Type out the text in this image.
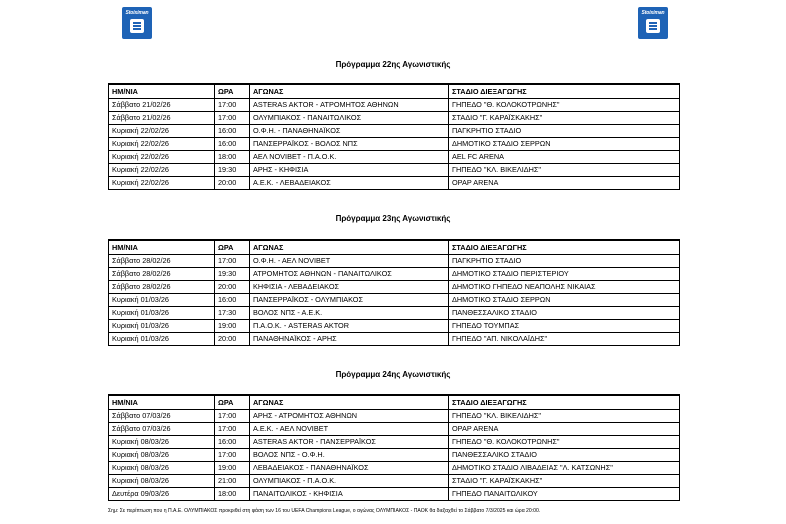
Stoiximan	Stoiximan
Πρόγραμμα 22ης Αγωνιστικής
ΗΜ/ΝΙΑ	ΩΡΑ	ΑΓΩΝΑΣ	ΣΤΑΔΙΟ ΔΙΕΞΑΓΩΓΗΣ
Σάββατο 21/02/26	17:00	ASTERAS AKTOR - ΑΤΡΟΜΗΤΟΣ ΑΘΗΝΩΝ	ΓΗΠΕΔΟ "Θ. ΚΟΛΟΚΟΤΡΩΝΗΣ"
Σάββατο 21/02/26	17:00	ΟΛΥΜΠΙΑΚΟΣ - ΠΑΝΑΙΤΩΛΙΚΟΣ	ΣΤΑΔΙΟ "Γ. ΚΑΡΑΪΣΚΑΚΗΣ"
Κυριακή 22/02/26	16:00	Ο.Φ.Η. - ΠΑΝΑΘΗΝΑΪΚΟΣ	ΠΑΓΚΡΗΤΙΟ ΣΤΑΔΙΟ
Κυριακή 22/02/26	16:00	ΠΑΝΣΕΡΡΑΪΚΟΣ - ΒΟΛΟΣ ΝΠΣ	ΔΗΜΟΤΙΚΟ ΣΤΑΔΙΟ ΣΕΡΡΩΝ
Κυριακή 22/02/26	18:00	ΑΕΛ NOVIBET - Π.Α.Ο.Κ.	AEL FC ARENA
Κυριακή 22/02/26	19:30	ΑΡΗΣ - ΚΗΦΙΣΙΑ	ΓΗΠΕΔΟ "ΚΛ. ΒΙΚΕΛΙΔΗΣ"
Κυριακή 22/02/26	20:00	Α.Ε.Κ. - ΛΕΒΑΔΕΙΑΚΟΣ	OPAP ARENA
Πρόγραμμα 23ης Αγωνιστικής
ΗΜ/ΝΙΑ	ΩΡΑ	ΑΓΩΝΑΣ	ΣΤΑΔΙΟ ΔΙΕΞΑΓΩΓΗΣ
Σάββατο 28/02/26	17:00	Ο.Φ.Η. - ΑΕΛ NOVIBET	ΠΑΓΚΡΗΤΙΟ ΣΤΑΔΙΟ
Σάββατο 28/02/26	19:30	ΑΤΡΟΜΗΤΟΣ ΑΘΗΝΩΝ - ΠΑΝΑΙΤΩΛΙΚΟΣ	ΔΗΜΟΤΙΚΟ ΣΤΑΔΙΟ ΠΕΡΙΣΤΕΡΙΟΥ
Σάββατο 28/02/26	20:00	ΚΗΦΙΣΙΑ - ΛΕΒΑΔΕΙΑΚΟΣ	ΔΗΜΟΤΙΚΟ ΓΗΠΕΔΟ ΝΕΑΠΟΛΗΣ ΝΙΚΑΙΑΣ
Κυριακή 01/03/26	16:00	ΠΑΝΣΕΡΡΑΪΚΟΣ - ΟΛΥΜΠΙΑΚΟΣ	ΔΗΜΟΤΙΚΟ ΣΤΑΔΙΟ ΣΕΡΡΩΝ
Κυριακή 01/03/26	17:30	ΒΟΛΟΣ ΝΠΣ - Α.Ε.Κ.	ΠΑΝΘΕΣΣΑΛΙΚΟ ΣΤΑΔΙΟ
Κυριακή 01/03/26	19:00	Π.Α.Ο.Κ. - ASTERAS AKTOR	ΓΗΠΕΔΟ ΤΟΥΜΠΑΣ
Κυριακή 01/03/26	20:00	ΠΑΝΑΘΗΝΑΪΚΟΣ - ΑΡΗΣ	ΓΗΠΕΔΟ "ΑΠ. ΝΙΚΟΛΑΪΔΗΣ"
Πρόγραμμα 24ης Αγωνιστικής
ΗΜ/ΝΙΑ	ΩΡΑ	ΑΓΩΝΑΣ	ΣΤΑΔΙΟ ΔΙΕΞΑΓΩΓΗΣ
Σάββατο 07/03/26	17:00	ΑΡΗΣ - ΑΤΡΟΜΗΤΟΣ ΑΘΗΝΩΝ	ΓΗΠΕΔΟ "ΚΛ. ΒΙΚΕΛΙΔΗΣ"
Σάββατο 07/03/26	17:00	Α.Ε.Κ. - ΑΕΛ NOVIBET	OPAP ARENA
Κυριακή 08/03/26	16:00	ASTERAS AKTOR - ΠΑΝΣΕΡΡΑΪΚΟΣ	ΓΗΠΕΔΟ "Θ. ΚΟΛΟΚΟΤΡΩΝΗΣ"
Κυριακή 08/03/26	17:00	ΒΟΛΟΣ ΝΠΣ - Ο.Φ.Η.	ΠΑΝΘΕΣΣΑΛΙΚΟ ΣΤΑΔΙΟ
Κυριακή 08/03/26	19:00	ΛΕΒΑΔΕΙΑΚΟΣ - ΠΑΝΑΘΗΝΑΪΚΟΣ	ΔΗΜΟΤΙΚΟ ΣΤΑΔΙΟ ΛΙΒΑΔΕΙΑΣ "Λ. ΚΑΤΣΩΝΗΣ"
Κυριακή 08/03/26	21:00	ΟΛΥΜΠΙΑΚΟΣ - Π.Α.Ο.Κ.	ΣΤΑΔΙΟ "Γ. ΚΑΡΑΪΣΚΑΚΗΣ"
Δευτέρα 09/03/26	18:00	ΠΑΝΑΙΤΩΛΙΚΟΣ - ΚΗΦΙΣΙΑ	ΓΗΠΕΔΟ ΠΑΝΑΙΤΩΛΙΚΟΥ
Σημ: Σε περίπτωση που η Π.Α.Ε. ΟΛΥΜΠΙΑΚΟΣ προκριθεί στη φάση των 16 του UEFA Champions League, ο αγώνας ΟΛΥΜΠΙΑΚΟΣ - ΠΑΟΚ θα διεξαχθεί το Σάββατο 7/3/2025 και ώρα 20:00.
